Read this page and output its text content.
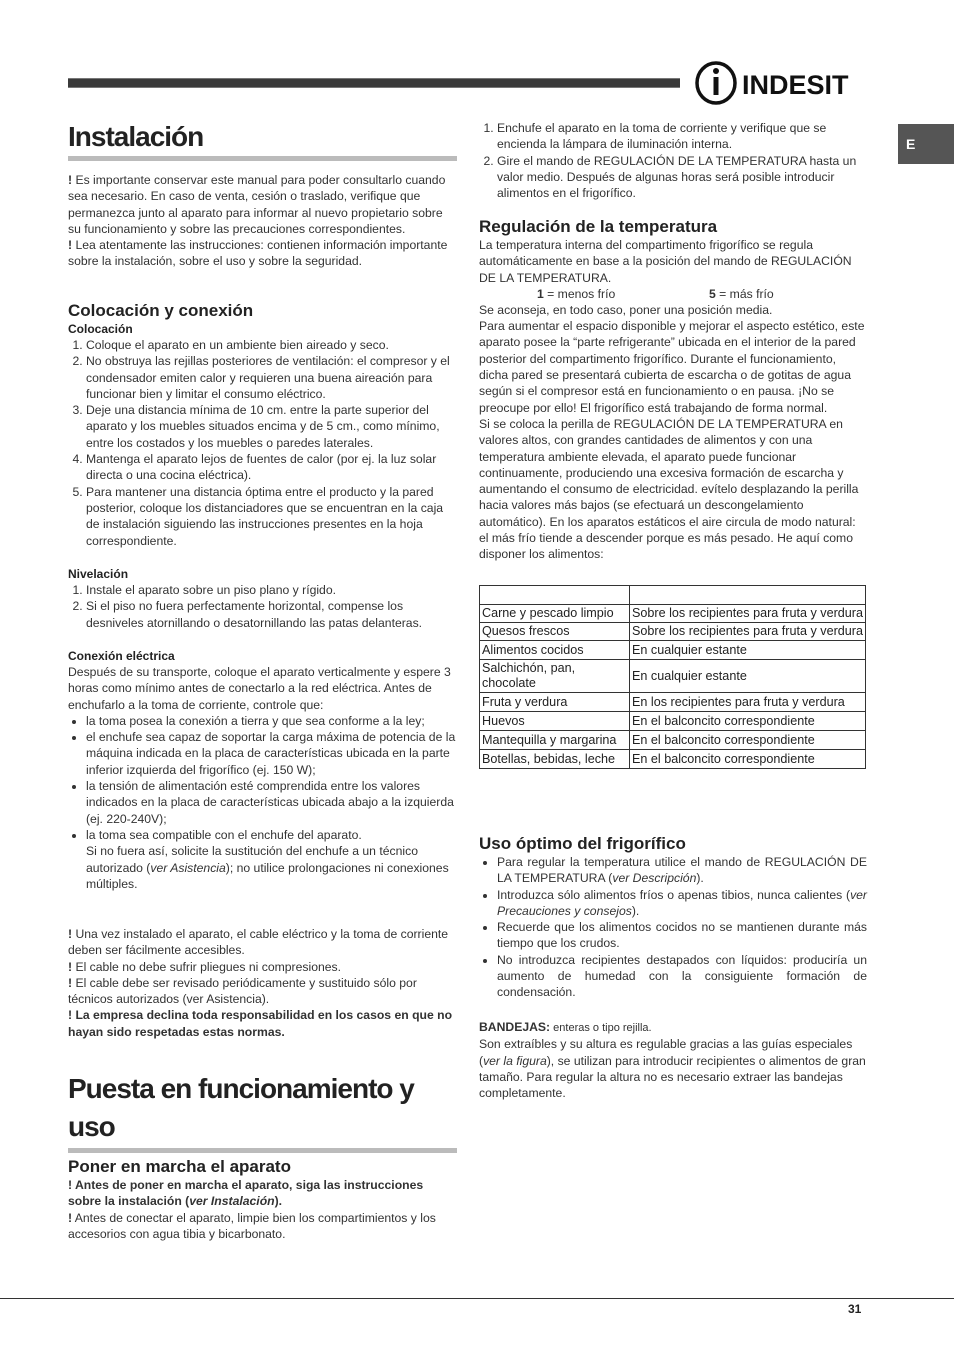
INDESIT
E
Instalación

! Es importante conservar este manual para poder consultarlo cuando sea necesario. En caso de venta, cesión o traslado, verifique que permanezca junto al aparato para informar al nuevo propietario sobre su funcionamiento y sobre las precauciones correspondientes.

! Lea atentamente las instrucciones: contienen información importante sobre la instalación, sobre el uso y sobre la seguridad.

Colocación y conexión
Colocación
1. Coloque el aparato en un ambiente bien aireado y seco.
2. No obstruya las rejillas posteriores de ventilación: el compresor y el condensador emiten calor y requieren una buena aireación para funcionar bien y limitar el consumo eléctrico.
3. Deje una distancia mínima de 10 cm. entre la parte superior del aparato y los muebles situados encima y de 5 cm., como mínimo, entre los costados y los muebles o paredes laterales.
4. Mantenga el aparato lejos de fuentes de calor (por ej. la luz solar directa o una cocina eléctrica).
5. Para mantener una distancia óptima entre el producto y la pared posterior, coloque los distanciadores que se encuentran en la caja de instalación siguiendo las instrucciones presentes en la hoja correspondiente.
Nivelación
1. Instale el aparato sobre un piso plano y rígido.
2. Si el piso no fuera perfectamente horizontal, compense los desniveles atornillando o desatornillando las patas delanteras.
Conexión eléctrica

Después de su transporte, coloque el aparato verticalmente y espere 3 horas como mínimo antes de conectarlo a la red eléctrica. Antes de enchufarlo a la toma de corriente, controle que:

• la toma posea la conexión a tierra y que sea conforme a la ley;
• el enchufe sea capaz de soportar la carga máxima de potencia de la máquina indicada en la placa de características ubicada en la parte inferior izquierda del frigorífico (ej. 150 W);
• la tensión de alimentación esté comprendida entre los valores indicados en la placa de características ubicada abajo a la izquierda (ej. 220-240V);
• la toma sea compatible con el enchufe del aparato.
Si no fuera así, solicite la sustitución del enchufe a un técnico autorizado (ver Asistencia); no utilice prolongaciones ni conexiones múltiples.

! Una vez instalado el aparato, el cable eléctrico y la toma de corriente deben ser fácilmente accesibles.

! El cable no debe sufrir pliegues ni compresiones.

! El cable debe ser revisado periódicamente y sustituido sólo por técnicos autorizados (ver Asistencia).

! La empresa declina toda responsabilidad en los casos en que no hayan sido respetadas estas normas.

Puesta en funcionamiento y uso
Poner en marcha el aparato

! Antes de poner en marcha el aparato, siga las instrucciones sobre la instalación (ver Instalación).

! Antes de conectar el aparato, limpie bien los compartimientos y los accesorios con agua tibia y bicarbonato.

1. Enchufe el aparato en la toma de corriente y verifique que se encienda la lámpara de iluminación interna.
2. Gire el mando de REGULACIÓN DE LA TEMPERATURA hasta un valor medio. Después de algunas horas será posible introducir alimentos en el frigorífico.
Regulación de la temperatura

La temperatura interna del compartimento frigorífico se regula automáticamente en base a la posición del mando de REGULACIÓN DE LA TEMPERATURA.

1 = menos frío	5 = más frío

Se aconseja, en todo caso, poner una posición media.

Para aumentar el espacio disponible y mejorar el aspecto estético, este aparato posee la “parte refrigerante” ubicada en el interior de la pared posterior del compartimento frigorífico. Durante el funcionamiento, dicha pared se presentará cubierta de escarcha o de gotitas de agua según si el compresor está en funcionamiento o en pausa. ¡No se preocupe por ello! El frigorífico está trabajando de forma normal.

Si se coloca la perilla de REGULACIÓN DE LA TEMPERATURA en valores altos, con grandes cantidades de alimentos y con una temperatura ambiente elevada, el aparato puede funcionar continuamente, produciendo una excesiva formación de escarcha y aumentando el consumo de electricidad. evítelo desplazando la perilla hacia valores más bajos (se efectuará un descongelamiento automático). En los aparatos estáticos el aire circula de modo natural: el más frío tiende a descender porque es más pesado. He aquí como disponer los alimentos:

Carne y pescado limpio	Sobre los recipientes para fruta y verdura
Quesos frescos	Sobre los recipientes para fruta y verdura
Alimentos cocidos	En cualquier estante
Salchichón, pan, chocolate	En cualquier estante
Fruta y verdura	En los recipientes para fruta y verdura
Huevos	En el balconcito correspondiente
Mantequilla y margarina	En el balconcito correspondiente
Botellas, bebidas, leche	En el balconcito correspondiente
Uso óptimo del frigorífico
• Para regular la temperatura utilice el mando de REGULACIÓN DE LA TEMPERATURA (ver Descripción).
• Introduzca sólo alimentos fríos o apenas tibios, nunca calientes (ver Precauciones y consejos).
• Recuerde que los alimentos cocidos no se mantienen durante más tiempo que los crudos.
• No introduzca recipientes destapados con líquidos: produciría un aumento de humedad con la consiguiente formación de condensación.

BANDEJAS: enteras o tipo rejilla.

Son extraíbles y su altura es regulable gracias a las guías especiales (ver la figura), se utilizan para introducir recipientes o alimentos de gran tamaño. Para regular la altura no es necesario extraer las bandejas completamente.

31
